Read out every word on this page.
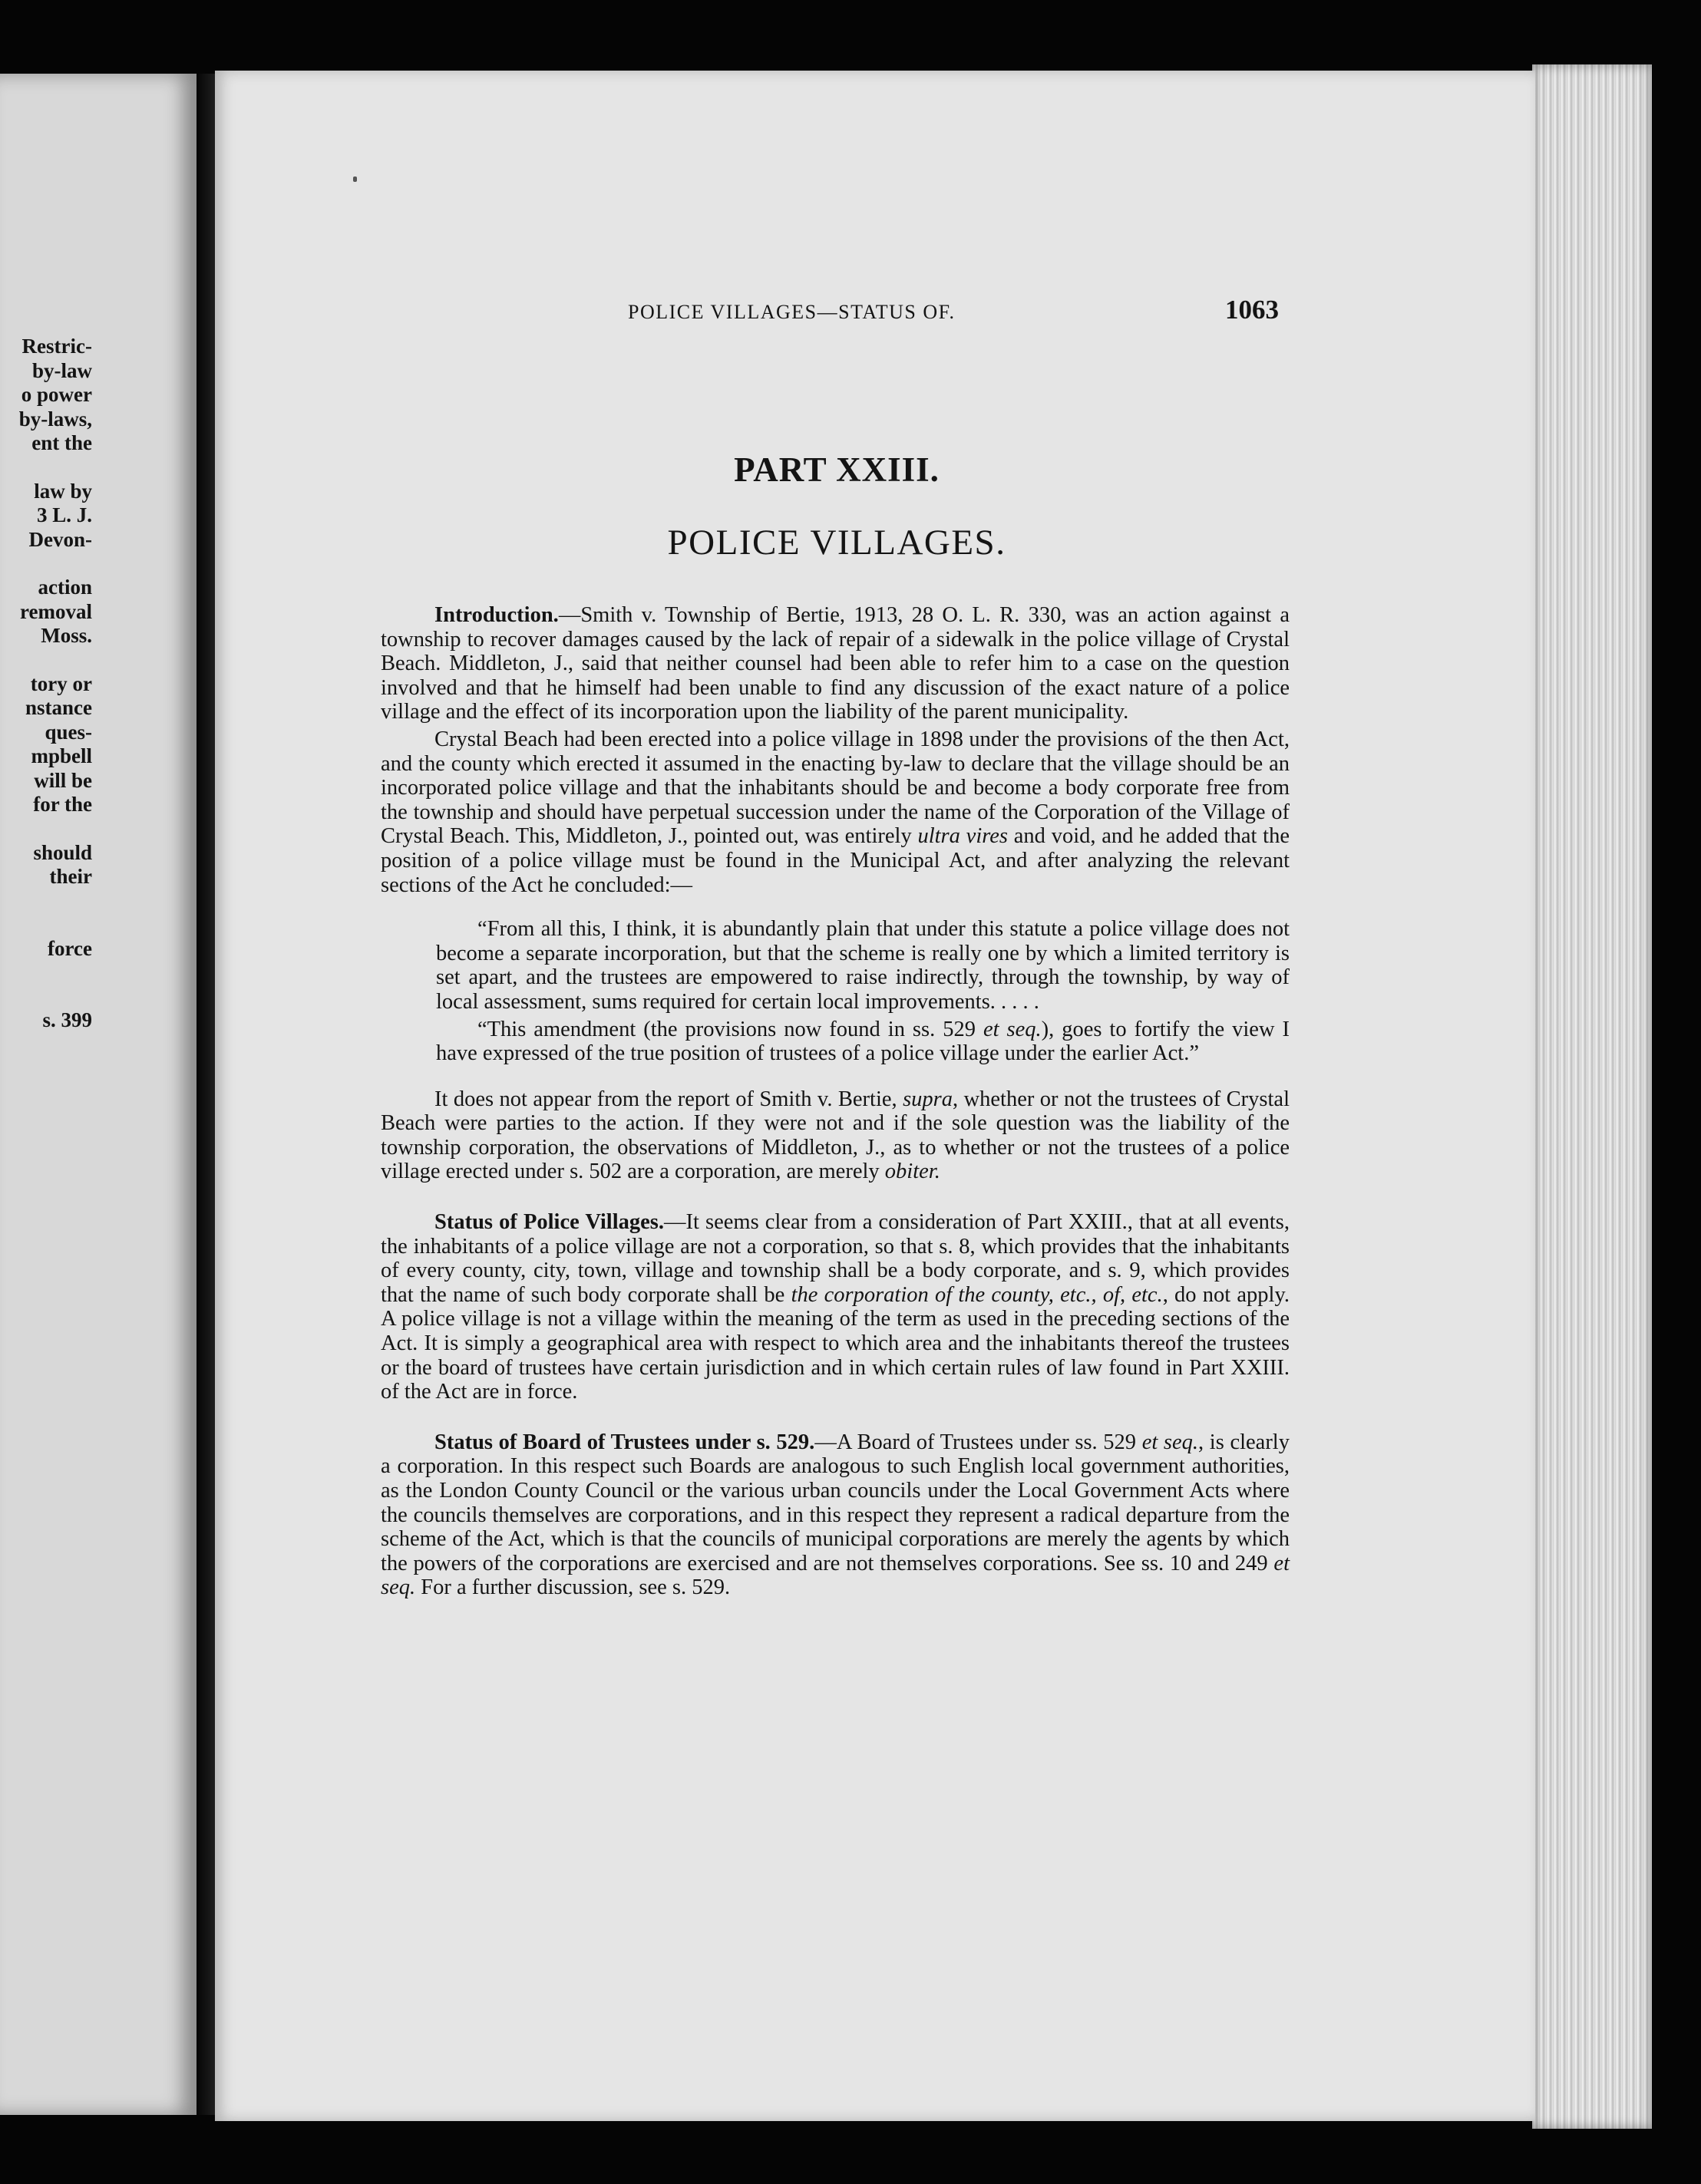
Restric-
by-law
o power
by-laws,
ent the
law by
3 L. J.
Devon-
action
removal
Moss.
tory or
nstance
ques-
mpbell
will be
for the
should
their
force
s. 399
POLICE VILLAGES—STATUS OF.	1063
PART XXIII.
POLICE VILLAGES.

Introduction.—Smith v. Township of Bertie, 1913, 28 O. L. R. 330, was an action against a township to recover damages caused by the lack of repair of a sidewalk in the police village of Crystal Beach. Middleton, J., said that neither counsel had been able to refer him to a case on the question involved and that he himself had been unable to find any discussion of the exact nature of a police village and the effect of its incorporation upon the liability of the parent municipality.

Crystal Beach had been erected into a police village in 1898 under the provisions of the then Act, and the county which erected it assumed in the enacting by-law to declare that the village should be an incorporated police village and that the inhabitants should be and become a body corporate free from the township and should have perpetual succession under the name of the Corporation of the Village of Crystal Beach. This, Middleton, J., pointed out, was entirely ultra vires and void, and he added that the position of a police village must be found in the Municipal Act, and after analyzing the relevant sections of the Act he concluded:—

“From all this, I think, it is abundantly plain that under this statute a police village does not become a separate incorporation, but that the scheme is really one by which a limited territory is set apart, and the trustees are empowered to raise indirectly, through the township, by way of local assessment, sums required for certain local improvements. . . . .

“This amendment (the provisions now found in ss. 529 et seq.), goes to fortify the view I have expressed of the true position of trustees of a police village under the earlier Act.”

It does not appear from the report of Smith v. Bertie, supra, whether or not the trustees of Crystal Beach were parties to the action. If they were not and if the sole question was the liability of the township corporation, the observations of Middleton, J., as to whether or not the trustees of a police village erected under s. 502 are a corporation, are merely obiter.

Status of Police Villages.—It seems clear from a consideration of Part XXIII., that at all events, the inhabitants of a police village are not a corporation, so that s. 8, which provides that the inhabitants of every county, city, town, village and township shall be a body corporate, and s. 9, which provides that the name of such body corporate shall be the corporation of the county, etc., of, etc., do not apply. A police village is not a village within the meaning of the term as used in the preceding sections of the Act. It is simply a geographical area with respect to which area and the inhabitants thereof the trustees or the board of trustees have certain jurisdiction and in which certain rules of law found in Part XXIII. of the Act are in force.

Status of Board of Trustees under s. 529.—A Board of Trustees under ss. 529 et seq., is clearly a corporation. In this respect such Boards are analogous to such English local government authorities, as the London County Council or the various urban councils under the Local Government Acts where the councils themselves are corporations, and in this respect they represent a radical departure from the scheme of the Act, which is that the councils of municipal corporations are merely the agents by which the powers of the corporations are exercised and are not themselves corporations. See ss. 10 and 249 et seq. For a further discussion, see s. 529.
